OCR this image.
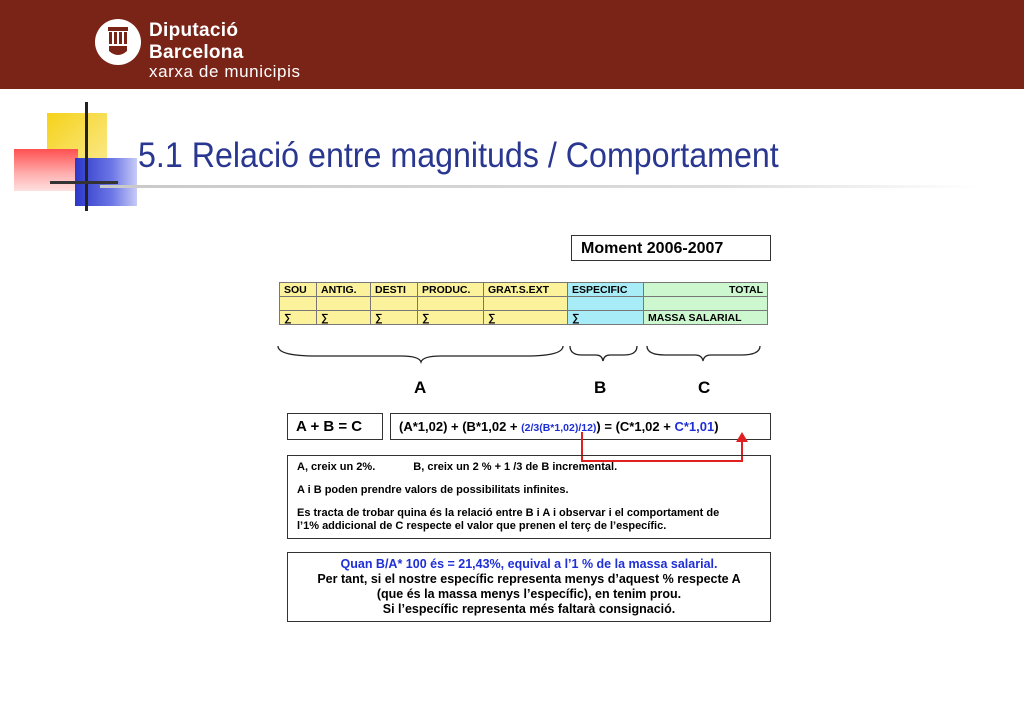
Diputació
Barcelona
xarxa de municipis
5.1 Relació entre magnituds / Comportament
Moment 2006-2007
SOU	ANTIG.	DESTI	PRODUC.	GRAT.S.EXT	ESPECIFIC	TOTAL

∑	∑	∑	∑	∑	∑	MASSA SALARIAL
A	B	C
A + B = C	(A*1,02) + (B*1,02 + (2/3(B*1,02)/12)) = (C*1,02 + C*1,01)

A, creix un 2%.	B, creix un 2 % + 1 /3 de B incremental.

A i B poden prendre valors de possibilitats infinites.

Es tracta de trobar quina és la relació entre B i A i observar i el comportament de

l’1% addicional de C respecte el valor que prenen el terç de l’específic.

Quan B/A* 100 és = 21,43%, equival a l’1 % de la massa salarial.

Per tant, si el nostre específic representa menys d’aquest % respecte A

(que és la massa menys l’específic), en tenim prou.

Si l’específic representa més faltarà consignació.
